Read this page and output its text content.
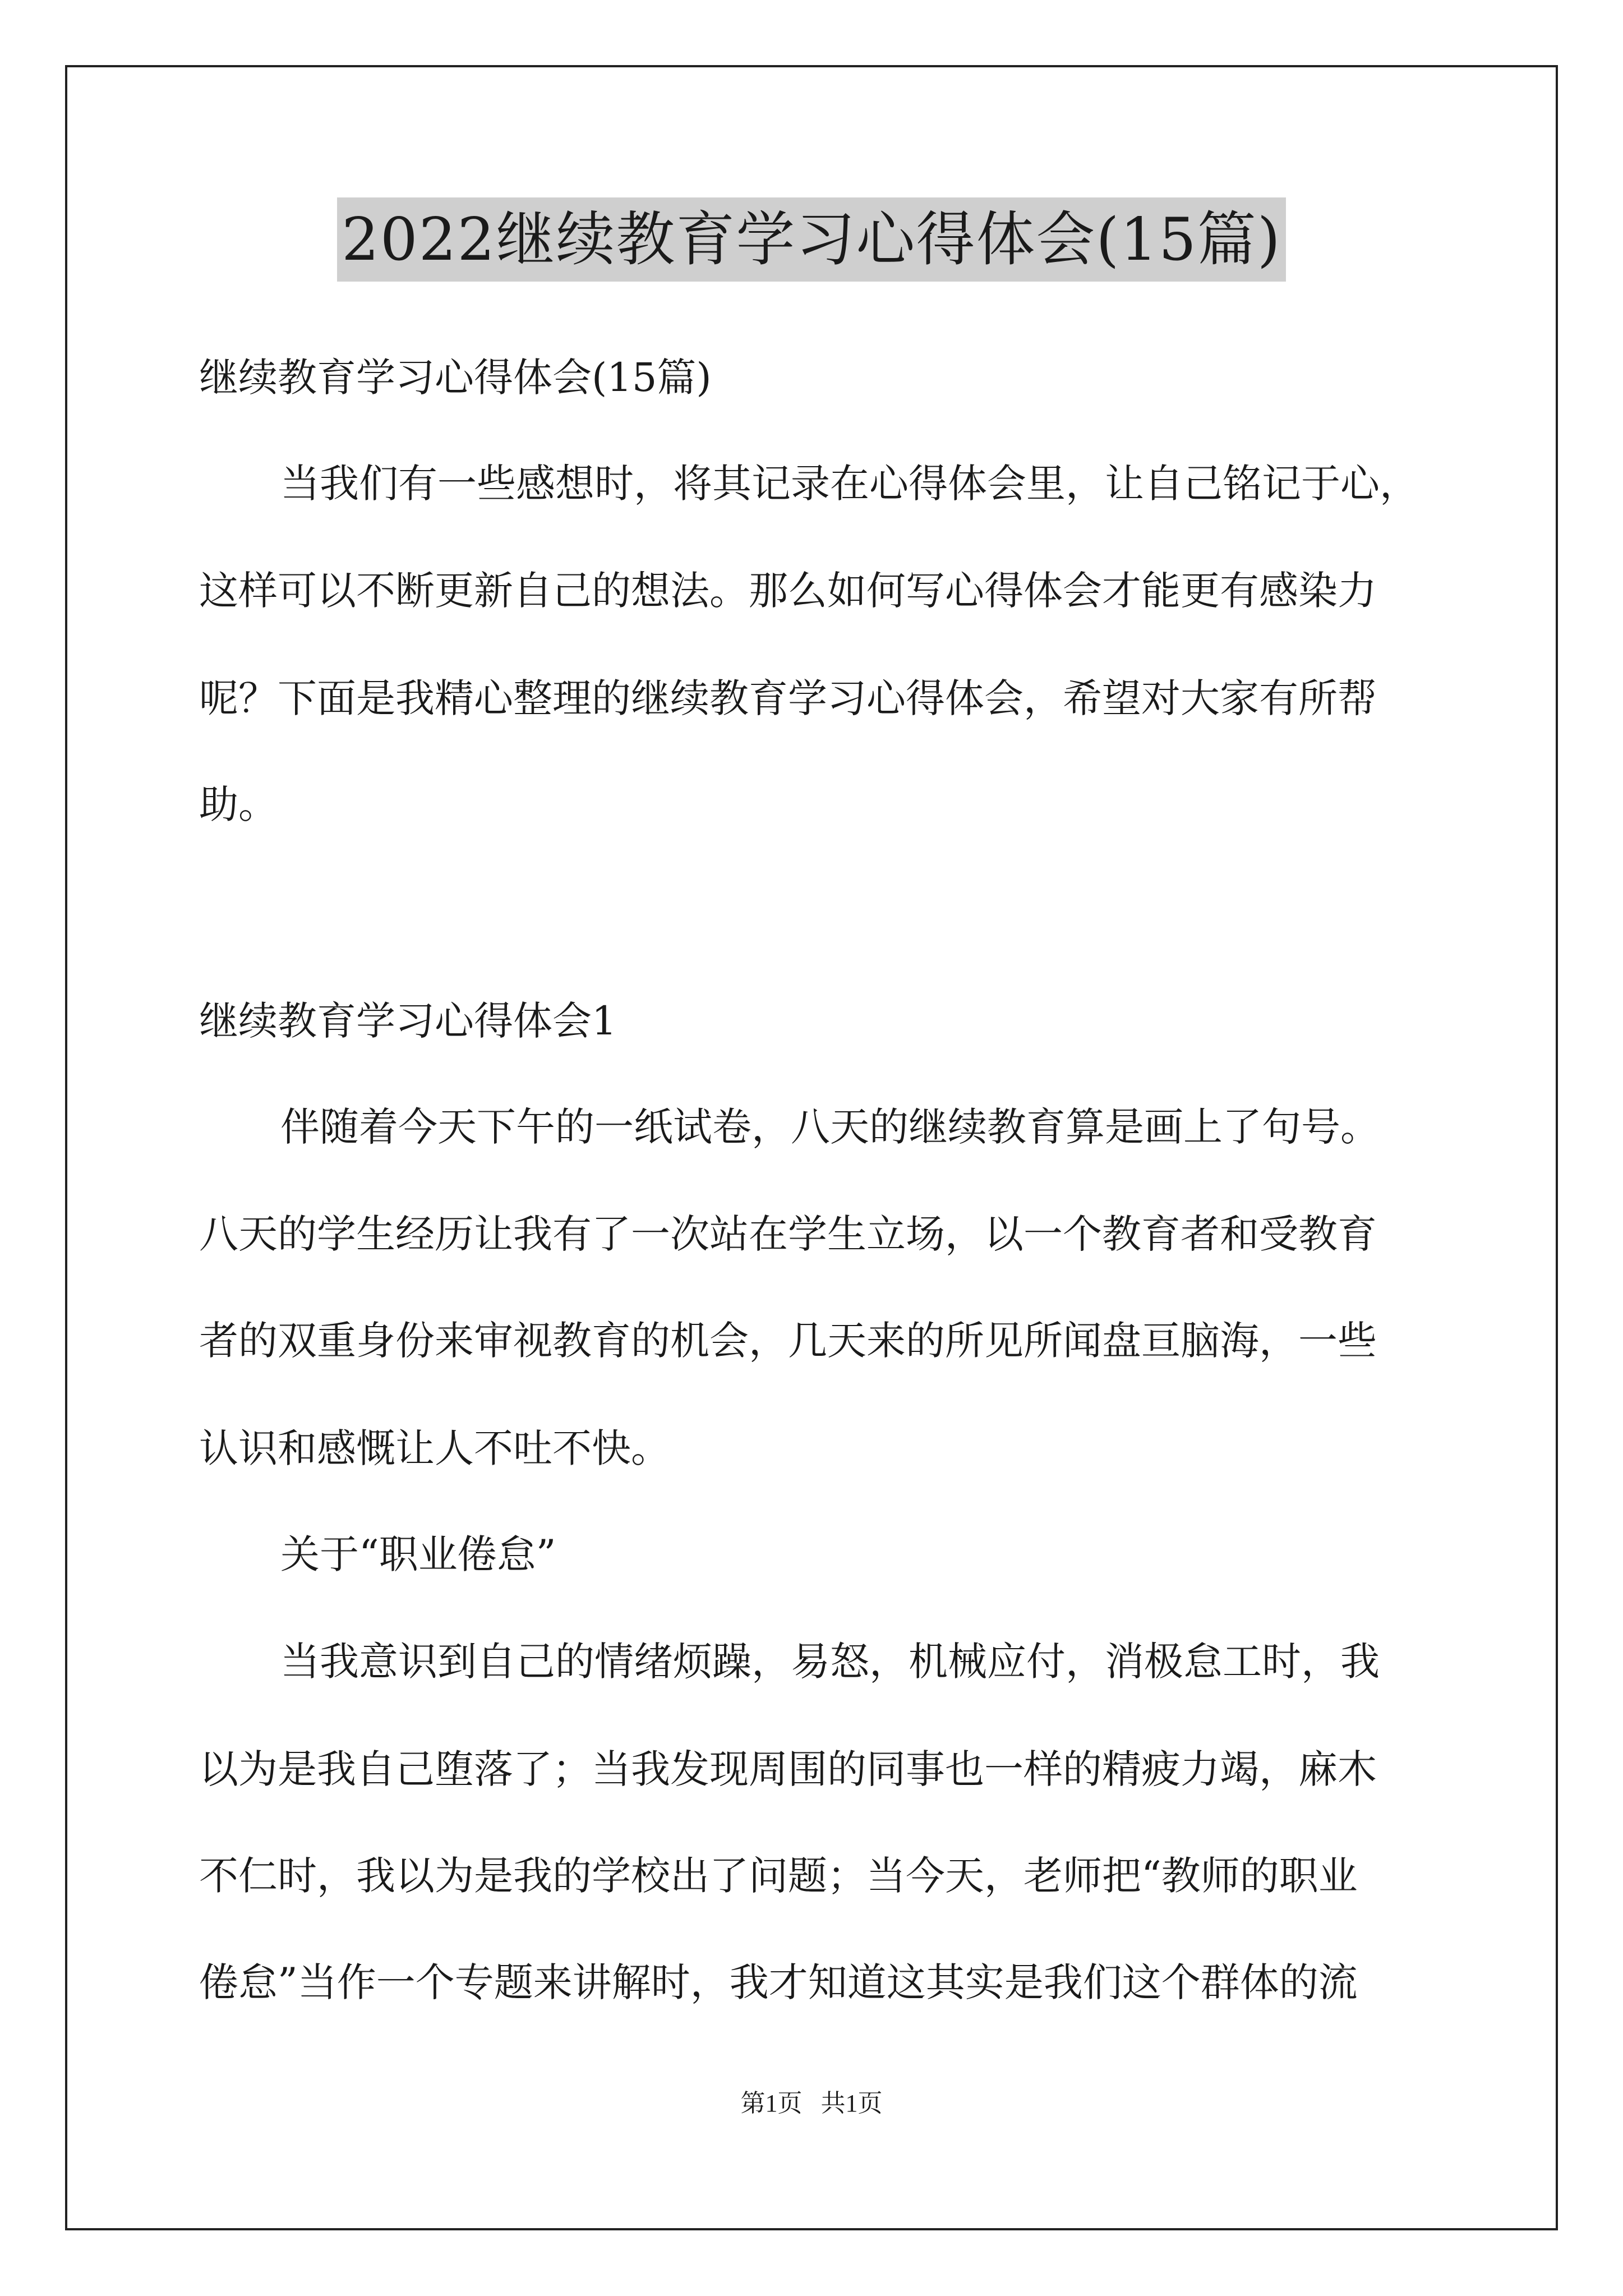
2022继续教育学习心得体会(15篇)
继续教育学习心得体会(15篇)
当我们有一些感想时，将其记录在心得体会里，让自己铭记于心，
这样可以不断更新自己的想法。那么如何写心得体会才能更有感染力
呢？下面是我精心整理的继续教育学习心得体会，希望对大家有所帮
助。
继续教育学习心得体会1
伴随着今天下午的一纸试卷，八天的继续教育算是画上了句号。
八天的学生经历让我有了一次站在学生立场，以一个教育者和受教育
者的双重身份来审视教育的机会，几天来的所见所闻盘亘脑海，一些
认识和感慨让人不吐不快。
关于“职业倦怠”
当我意识到自己的情绪烦躁，易怒，机械应付，消极怠工时，我
以为是我自己堕落了；当我发现周围的同事也一样的精疲力竭，麻木
不仁时，我以为是我的学校出了问题；当今天，老师把“教师的职业
倦怠”当作一个专题来讲解时，我才知道这其实是我们这个群体的流
第1页   共1页
